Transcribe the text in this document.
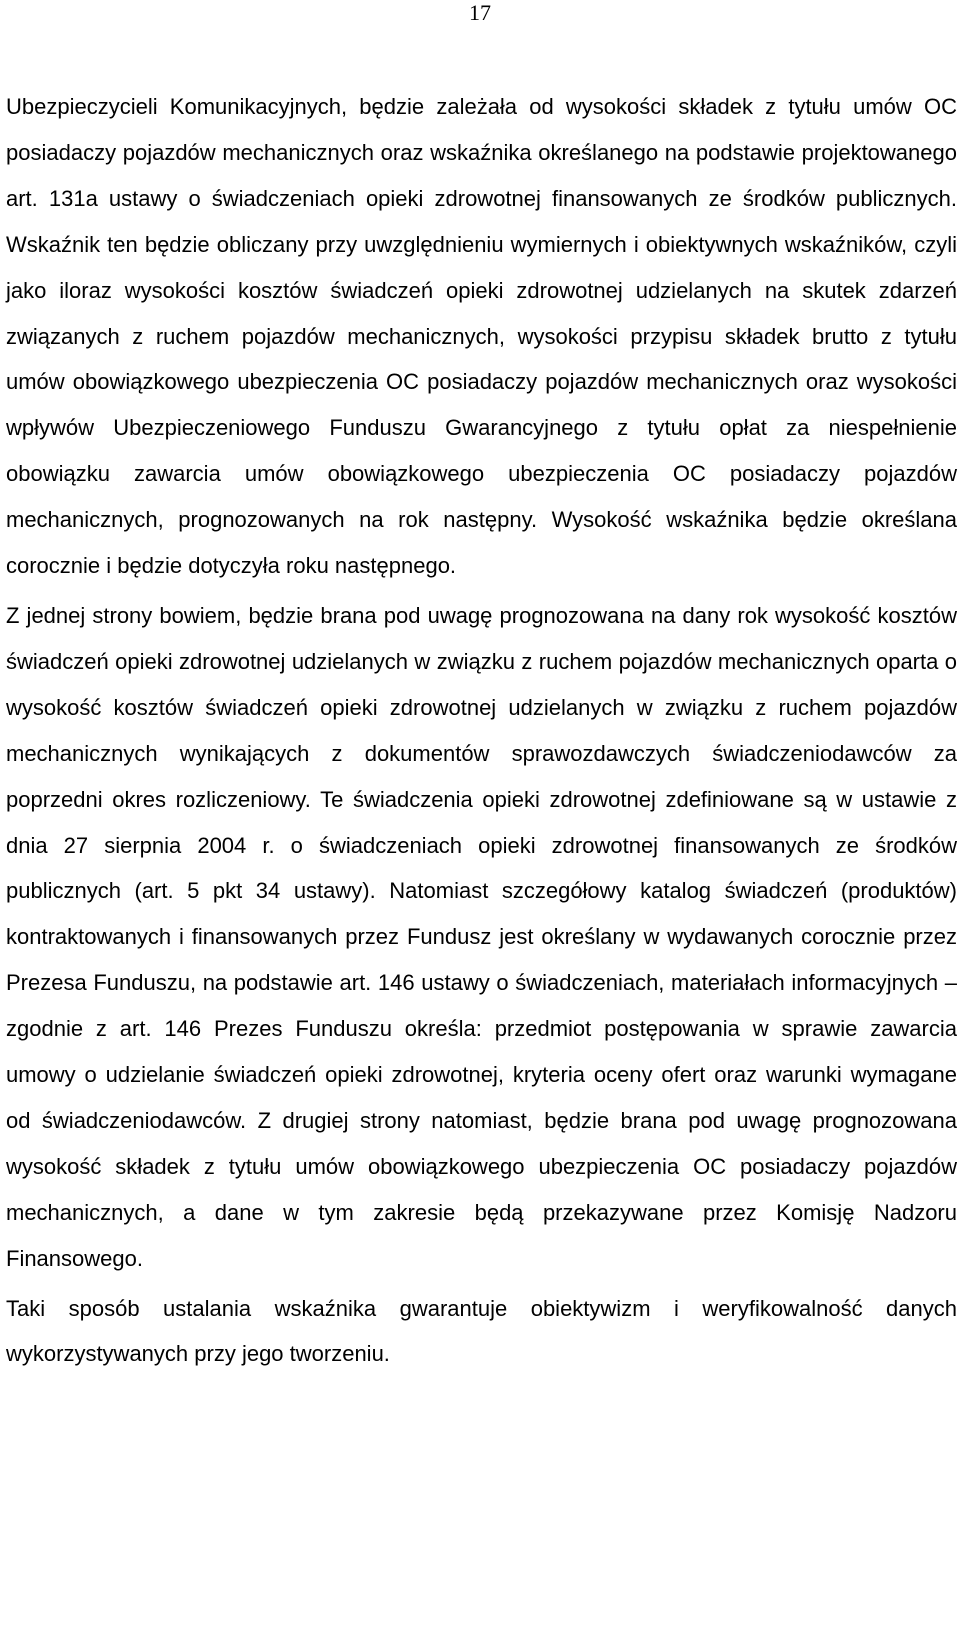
17

Ubezpieczycieli Komunikacyjnych, będzie zależała od wysokości składek z tytułu umów OC posiadaczy pojazdów mechanicznych oraz wskaźnika określanego na podstawie projektowanego art. 131a ustawy o świadczeniach opieki zdrowotnej finansowanych ze środków publicznych. Wskaźnik ten będzie obliczany przy uwzględnieniu wymiernych i obiektywnych wskaźników, czyli jako iloraz wysokości kosztów świadczeń opieki zdrowotnej udzielanych na skutek zdarzeń związanych z ruchem pojazdów mechanicznych, wysokości przypisu składek brutto z tytułu umów obowiązkowego ubezpieczenia OC posiadaczy pojazdów mechanicznych oraz wysokości wpływów Ubezpieczeniowego Funduszu Gwarancyjnego z tytułu opłat za niespełnienie obowiązku zawarcia umów obowiązkowego ubezpieczenia OC posiadaczy pojazdów mechanicznych, prognozowanych na rok następny. Wysokość wskaźnika będzie określana corocznie i będzie dotyczyła roku następnego.

Z jednej strony bowiem, będzie brana pod uwagę prognozowana na dany rok wysokość kosztów świadczeń opieki zdrowotnej udzielanych w związku z ruchem pojazdów mechanicznych oparta o wysokość kosztów świadczeń opieki zdrowotnej udzielanych w związku z ruchem pojazdów mechanicznych wynikających z dokumentów sprawozdawczych świadczeniodawców za poprzedni okres rozliczeniowy. Te świadczenia opieki zdrowotnej zdefiniowane są w ustawie z dnia 27 sierpnia 2004 r. o świadczeniach opieki zdrowotnej finansowanych ze środków publicznych (art. 5 pkt 34 ustawy). Natomiast szczegółowy katalog świadczeń (produktów) kontraktowanych i finansowanych przez Fundusz jest określany w wydawanych corocznie przez Prezesa Funduszu, na podstawie art. 146 ustawy o świadczeniach, materiałach informacyjnych – zgodnie z art. 146 Prezes Funduszu określa: przedmiot postępowania w sprawie zawarcia umowy o udzielanie świadczeń opieki zdrowotnej, kryteria oceny ofert oraz warunki wymagane od świadczeniodawców. Z drugiej strony natomiast, będzie brana pod uwagę prognozowana wysokość składek z tytułu umów obowiązkowego ubezpieczenia OC posiadaczy pojazdów mechanicznych, a dane w tym zakresie będą przekazywane przez Komisję Nadzoru Finansowego.

Taki sposób ustalania wskaźnika gwarantuje obiektywizm i weryfikowalność danych wykorzystywanych przy jego tworzeniu.
